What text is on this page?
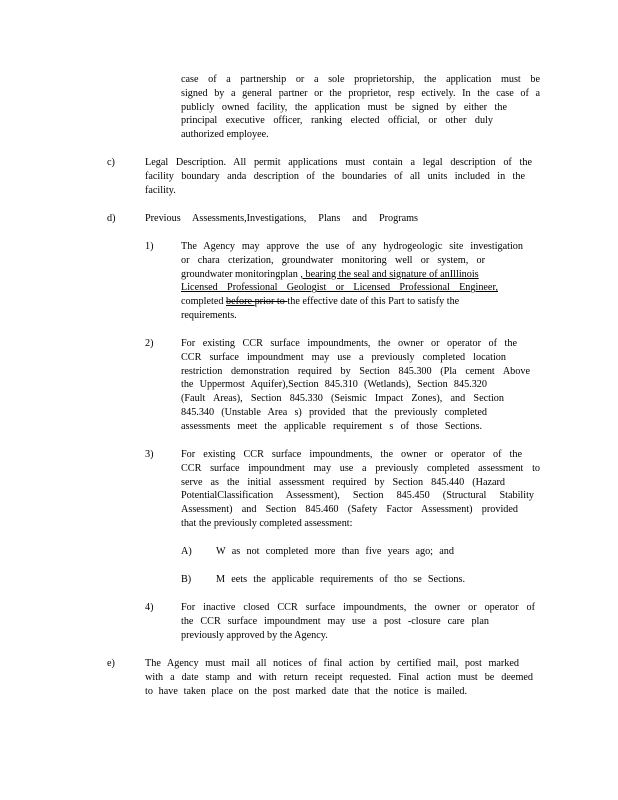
case of a partnership or a sole proprietorship, the application must be
signed by a general partner or the proprietor, resp ectively. In the case of a
publicly owned facility, the application must be signed by either the
principal executive officer, ranking elected official, or other duly
authorized employee.
c)	Legal Description. All permit applications must contain a legal description of the
facility boundary anda description of the boundaries of all units included in the
facility.
d)	Previous Assessments,Investigations, Plans and Programs
1)	The Agency may approve the use of any hydrogeologic site investigation
or chara cterization, groundwater monitoring well or system, or
groundwater monitoringplan , bearing the seal and signature of anIllinois
Licensed Professional Geologist or Licensed Professional Engineer,
completed before prior to the effective date of this Part to satisfy the
requirements.
2)	For existing CCR surface impoundments, the owner or operator of the
CCR surface impoundment may use a previously completed location
restriction demonstration required by Section 845.300 (Pla cement Above
the Uppermost Aquifer),Section 845.310 (Wetlands), Section 845.320
(Fault Areas), Section 845.330 (Seismic Impact Zones), and Section
845.340 (Unstable Area s) provided that the previously completed
assessments meet the applicable requirement s of those Sections.
3)	For existing CCR surface impoundments, the owner or operator of the
CCR surface impoundment may use a previously completed assessment to
serve as the initial assessment required by Section 845.440 (Hazard
PotentialClassification Assessment), Section 845.450 (Structural Stability
Assessment) and Section 845.460 (Safety Factor Assessment) provided
that the previously completed assessment:
A) W as not completed more than five years ago; and
B) M eets the applicable requirements of tho se Sections.
4)	For inactive closed CCR surface impoundments, the owner or operator of
the CCR surface impoundment may use a post -closure care plan
previously approved by the Agency.
e)	The Agency must mail all notices of final action by certified mail, post marked
with a date stamp and with return receipt requested. Final action must be deemed
to have taken place on the post marked date that the notice is mailed.
